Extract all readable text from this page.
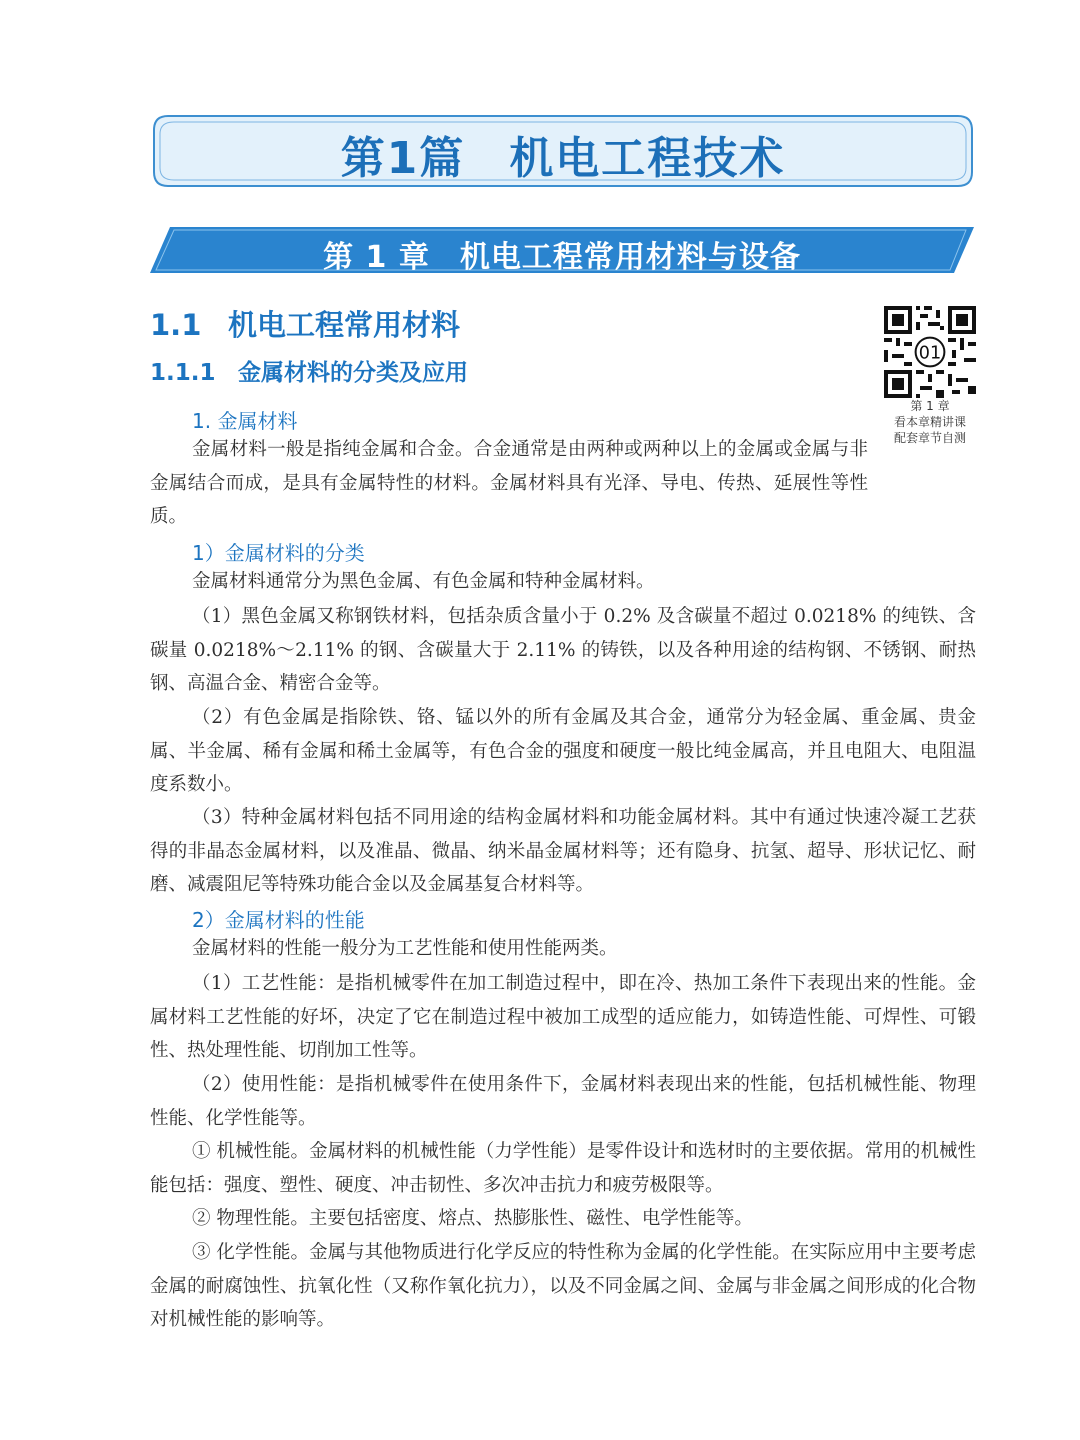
第1篇 机电工程技术
第 1 章 机电工程常用材料与设备
1.1 机电工程常用材料
1.1.1 金属材料的分类及应用
01
第 1 章
看本章精讲课
配套章节自测
1. 金属材料

金属材料一般是指纯金属和合金。合金通常是由两种或两种以上的金属或金属与非金属结合而成，是具有金属特性的材料。金属材料具有光泽、导电、传热、延展性等性质。

1）金属材料的分类

金属材料通常分为黑色金属、有色金属和特种金属材料。

（1）黑色金属又称钢铁材料，包括杂质含量小于 0.2% 及含碳量不超过 0.0218% 的纯铁、含碳量 0.0218%～2.11% 的钢、含碳量大于 2.11% 的铸铁，以及各种用途的结构钢、不锈钢、耐热钢、高温合金、精密合金等。

（2）有色金属是指除铁、铬、锰以外的所有金属及其合金，通常分为轻金属、重金属、贵金属、半金属、稀有金属和稀土金属等，有色合金的强度和硬度一般比纯金属高，并且电阻大、电阻温度系数小。

（3）特种金属材料包括不同用途的结构金属材料和功能金属材料。其中有通过快速冷凝工艺获得的非晶态金属材料，以及准晶、微晶、纳米晶金属材料等；还有隐身、抗氢、超导、形状记忆、耐磨、减震阻尼等特殊功能合金以及金属基复合材料等。

2）金属材料的性能

金属材料的性能一般分为工艺性能和使用性能两类。

（1）工艺性能：是指机械零件在加工制造过程中，即在冷、热加工条件下表现出来的性能。金属材料工艺性能的好坏，决定了它在制造过程中被加工成型的适应能力，如铸造性能、可焊性、可锻性、热处理性能、切削加工性等。

（2）使用性能：是指机械零件在使用条件下，金属材料表现出来的性能，包括机械性能、物理性能、化学性能等。

① 机械性能。金属材料的机械性能（力学性能）是零件设计和选材时的主要依据。常用的机械性能包括：强度、塑性、硬度、冲击韧性、多次冲击抗力和疲劳极限等。

② 物理性能。主要包括密度、熔点、热膨胀性、磁性、电学性能等。

③ 化学性能。金属与其他物质进行化学反应的特性称为金属的化学性能。在实际应用中主要考虑金属的耐腐蚀性、抗氧化性（又称作氧化抗力），以及不同金属之间、金属与非金属之间形成的化合物对机械性能的影响等。
